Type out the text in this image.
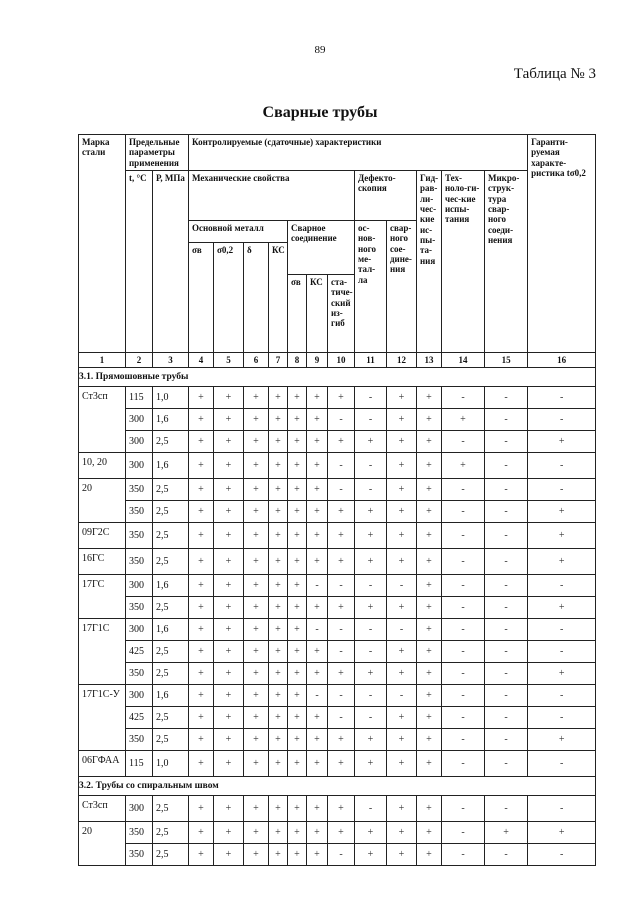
89
Таблица № 3
Сварные трубы
Марка стали	Предельные параметры применения		Контролируемые (сдаточные) характеристики												Гаранти-руемая характе-ристика tσ0,2
	t, °С	Р, МПа	Механические свойства							Дефекто-скопия		Гид-рав-ли-чес-кие ис-пы-та-ния	Тех-ноло-ги-чес-кие испы-тания	Микро-струк-тура свар-ного соеди-нения	
			Основной металл				Сварное соединение			ос-нов-ного ме-тал-ла	свар-ного сое-дине-ния				
			σв	σ0,2	δ	КС									
							σв	КС	ста-тиче-ский из-гиб						
1	2	3	4	5	6	7	8	9	10	11	12	13	14	15	16
3.1. Прямошовные трубы															
Ст3сп	115	1,0	+	+	+	+	+	+	+	-	+	+	-	-	-
	300	1,6	+	+	+	+	+	+	-	-	+	+	+	-	-
	300	2,5	+	+	+	+	+	+	+	+	+	+	-	-	+
10, 20	300	1,6	+	+	+	+	+	+	-	-	+	+	+	-	-
20	350	2,5	+	+	+	+	+	+	-	-	+	+	-	-	-
	350	2,5	+	+	+	+	+	+	+	+	+	+	-	-	+
09Г2С	350	2,5	+	+	+	+	+	+	+	+	+	+	-	-	+
16ГС	350	2,5	+	+	+	+	+	+	+	+	+	+	-	-	+
17ГС	300	1,6	+	+	+	+	+	-	-	-	-	+	-	-	-
	350	2,5	+	+	+	+	+	+	+	+	+	+	-	-	+
17Г1С	300	1,6	+	+	+	+	+	-	-	-	-	+	-	-	-
	425	2,5	+	+	+	+	+	+	-	-	+	+	-	-	-
	350	2,5	+	+	+	+	+	+	+	+	+	+	-	-	+
17Г1С-У	300	1,6	+	+	+	+	+	-	-	-	-	+	-	-	-
	425	2,5	+	+	+	+	+	+	-	-	+	+	-	-	-
	350	2,5	+	+	+	+	+	+	+	+	+	+	-	-	+
06ГФАА	115	1,0	+	+	+	+	+	+	+	+	+	+	-	-	-
3.2. Трубы со спиральным швом															
Ст3сп	300	2,5	+	+	+	+	+	+	+	-	+	+	-	-	-
20	350	2,5	+	+	+	+	+	+	+	+	+	+	-	+	+
	350	2,5	+	+	+	+	+	+	-	+	+	+	-	-	-
